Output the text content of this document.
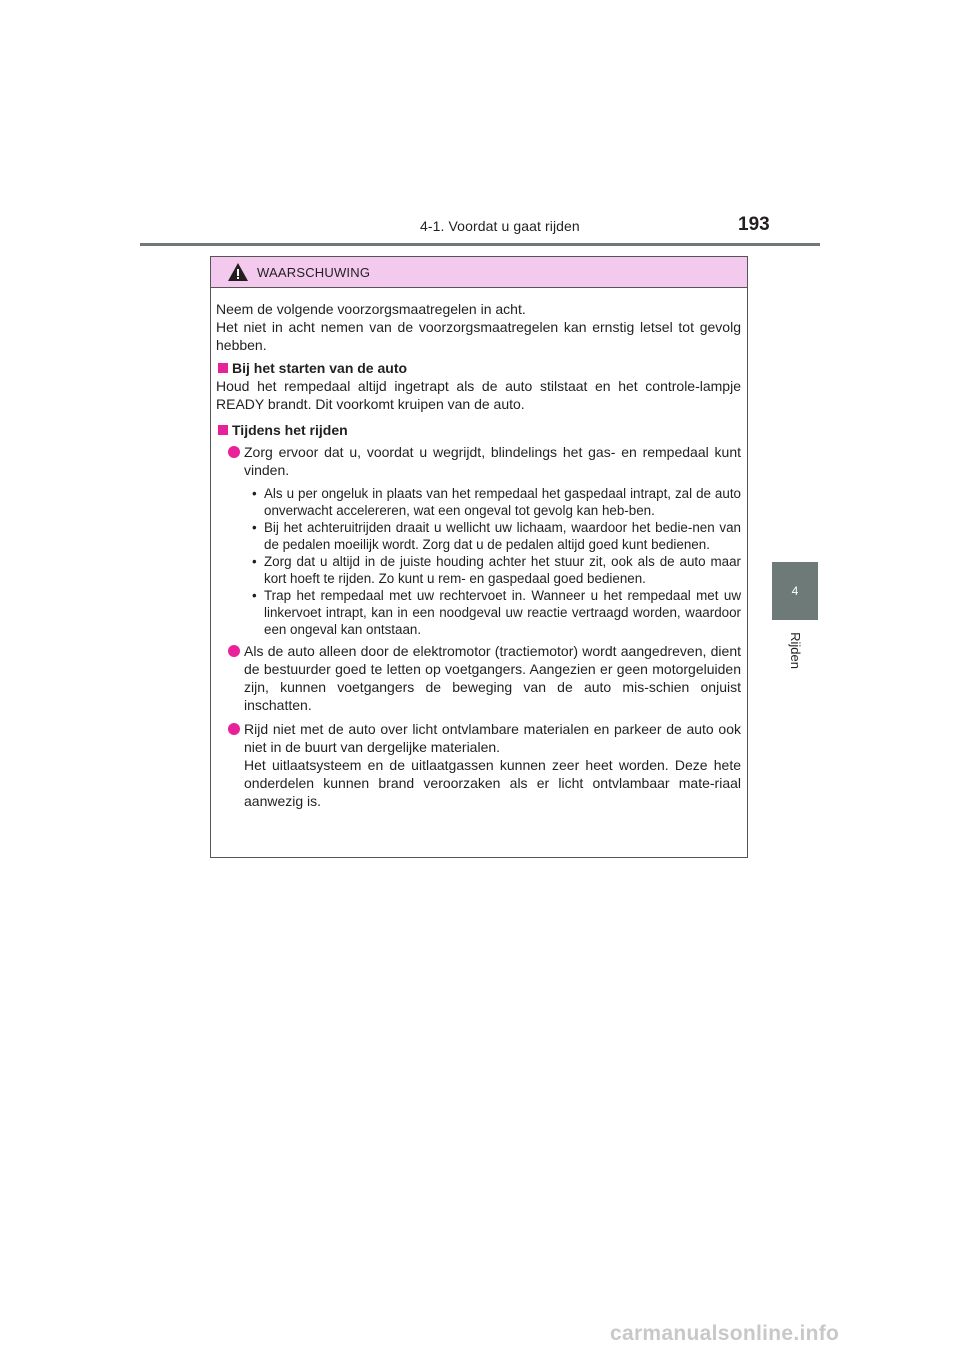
4-1. Voordat u gaat rijden	193
4
Rijden
WAARSCHUWING

Neem de volgende voorzorgsmaatregelen in acht.

Het niet in acht nemen van de voorzorgsmaatregelen kan ernstig letsel tot gevolg hebben.

Bij het starten van de auto

Houd het rempedaal altijd ingetrapt als de auto stilstaat en het controle-lampje READY brandt. Dit voorkomt kruipen van de auto.

Tijdens het rijden
Zorg ervoor dat u, voordat u wegrijdt, blindelings het gas- en rempedaal kunt vinden.
• Als u per ongeluk in plaats van het rempedaal het gaspedaal intrapt, zal de auto onverwacht accelereren, wat een ongeval tot gevolg kan heb-ben.
• Bij het achteruitrijden draait u wellicht uw lichaam, waardoor het bedie-nen van de pedalen moeilijk wordt. Zorg dat u de pedalen altijd goed kunt bedienen.
• Zorg dat u altijd in de juiste houding achter het stuur zit, ook als de auto maar kort hoeft te rijden. Zo kunt u rem- en gaspedaal goed bedienen.
• Trap het rempedaal met uw rechtervoet in. Wanneer u het rempedaal met uw linkervoet intrapt, kan in een noodgeval uw reactie vertraagd worden, waardoor een ongeval kan ontstaan.
Als de auto alleen door de elektromotor (tractiemotor) wordt aangedreven, dient de bestuurder goed te letten op voetgangers. Aangezien er geen motorgeluiden zijn, kunnen voetgangers de beweging van de auto mis-schien onjuist inschatten.
Rijd niet met de auto over licht ontvlambare materialen en parkeer de auto ook niet in de buurt van dergelijke materialen.
Het uitlaatsysteem en de uitlaatgassen kunnen zeer heet worden. Deze hete onderdelen kunnen brand veroorzaken als er licht ontvlambaar mate-riaal aanwezig is.
carmanualsonline.info
